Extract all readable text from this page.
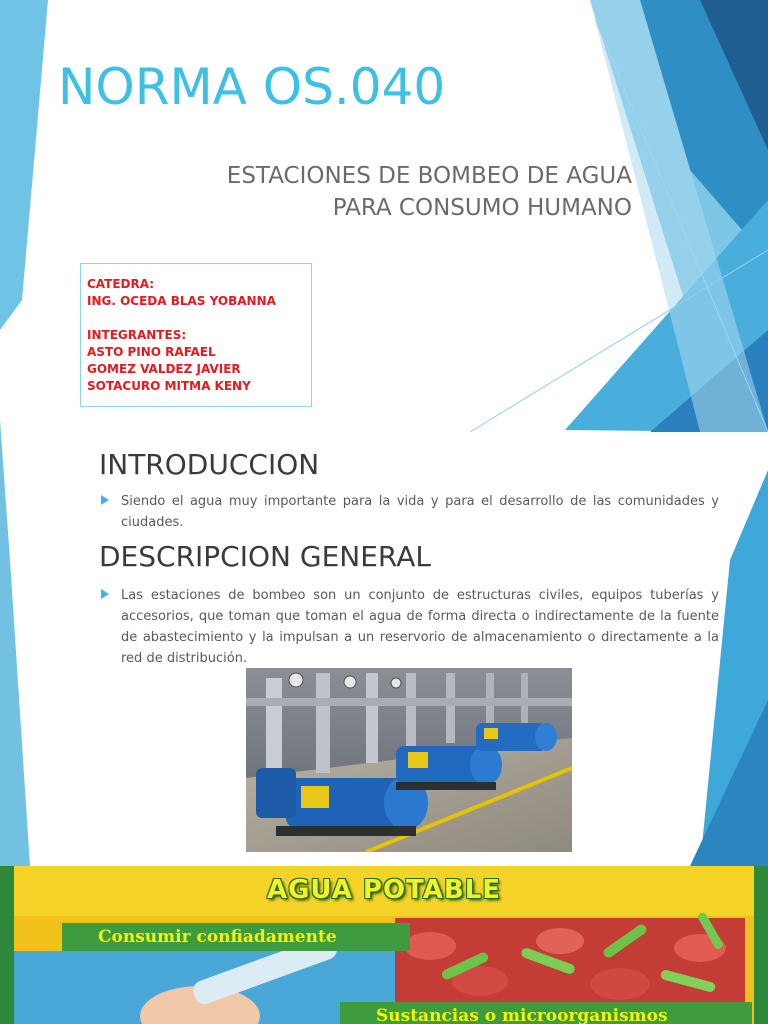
NORMA OS.040
ESTACIONES DE BOMBEO DE AGUA
PARA CONSUMO HUMANO
CATEDRA:
ING. OCEDA BLAS YOBANNA
INTEGRANTES:
ASTO PINO RAFAEL
GOMEZ VALDEZ JAVIER
SOTACURO MITMA KENY
INTRODUCCION
Siendo el agua muy importante para la vida y para el desarrollo de las comunidades y ciudades.
DESCRIPCION GENERAL
Las estaciones de bombeo son un conjunto de estructuras civiles, equipos tuberías y accesorios, que toman que toman el agua de forma directa o indirectamente de la fuente de abastecimiento y la impulsan a un reservorio de almacenamiento o directamente a la red de distribución.
AGUA POTABLE
Consumir confiadamente
Sustancias o microorganismos
